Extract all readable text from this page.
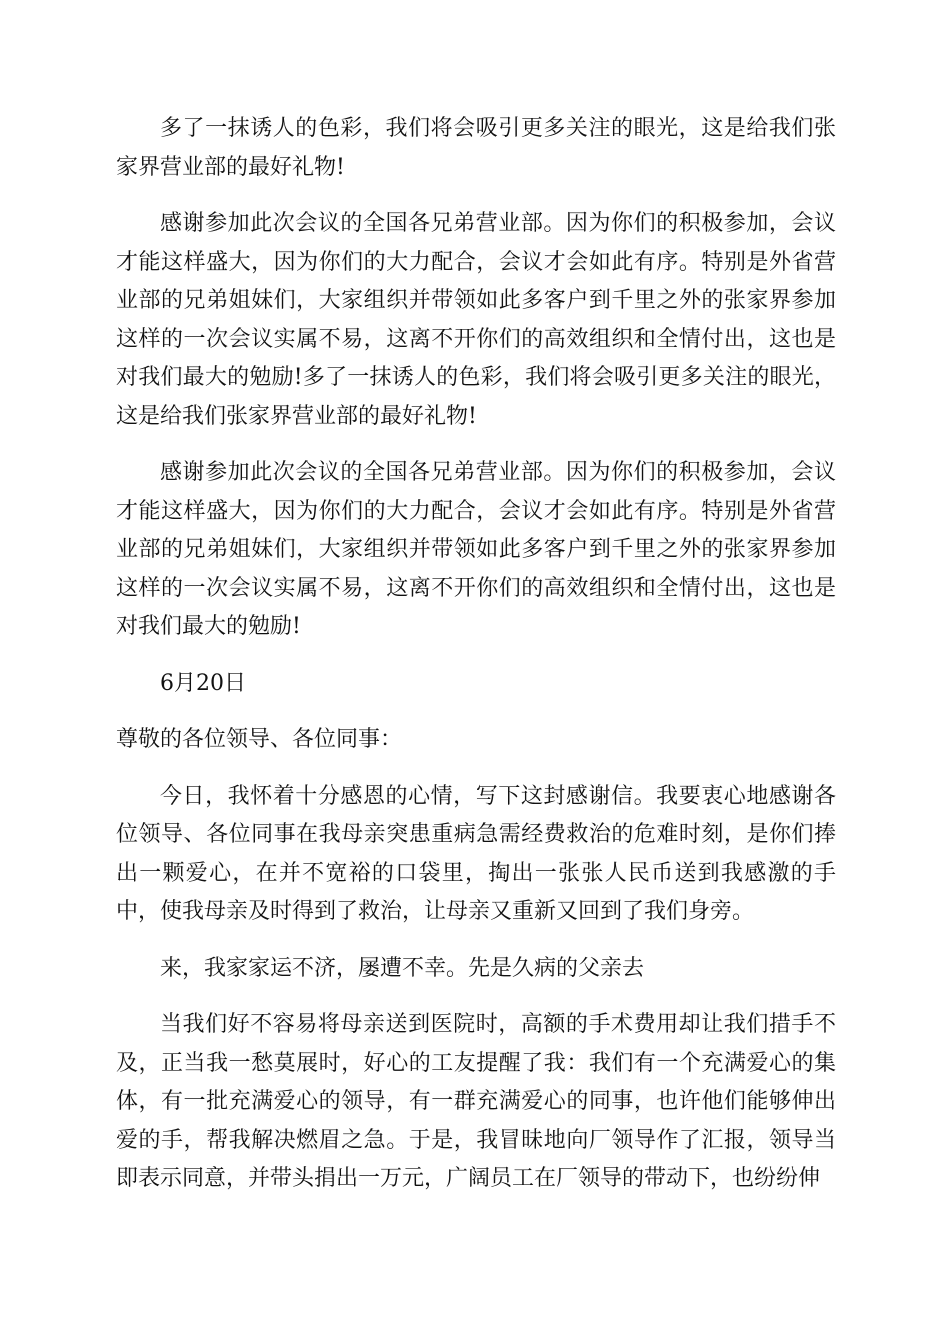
多了一抹诱人的色彩，我们将会吸引更多关注的眼光，这是给我们张家界营业部的最好礼物!

感谢参加此次会议的全国各兄弟营业部。因为你们的积极参加，会议才能这样盛大，因为你们的大力配合，会议才会如此有序。特别是外省营业部的兄弟姐妹们，大家组织并带领如此多客户到千里之外的张家界参加这样的一次会议实属不易，这离不开你们的高效组织和全情付出，这也是对我们最大的勉励!多了一抹诱人的色彩，我们将会吸引更多关注的眼光，这是给我们张家界营业部的最好礼物!

感谢参加此次会议的全国各兄弟营业部。因为你们的积极参加，会议才能这样盛大，因为你们的大力配合，会议才会如此有序。特别是外省营业部的兄弟姐妹们，大家组织并带领如此多客户到千里之外的张家界参加这样的一次会议实属不易，这离不开你们的高效组织和全情付出，这也是对我们最大的勉励!

6月20日

尊敬的各位领导、各位同事：

今日，我怀着十分感恩的心情，写下这封感谢信。我要衷心地感谢各位领导、各位同事在我母亲突患重病急需经费救治的危难时刻，是你们捧出一颗爱心，在并不宽裕的口袋里，掏出一张张人民币送到我感激的手中，使我母亲及时得到了救治，让母亲又重新又回到了我们身旁。

来，我家家运不济，屡遭不幸。先是久病的父亲去

当我们好不容易将母亲送到医院时，高额的手术费用却让我们措手不及，正当我一愁莫展时，好心的工友提醒了我：我们有一个充满爱心的集体，有一批充满爱心的领导，有一群充满爱心的同事，也许他们能够伸出爱的手，帮我解决燃眉之急。于是，我冒昧地向厂领导作了汇报，领导当即表示同意，并带头捐出一万元，广阔员工在厂领导的带动下，也纷纷伸
